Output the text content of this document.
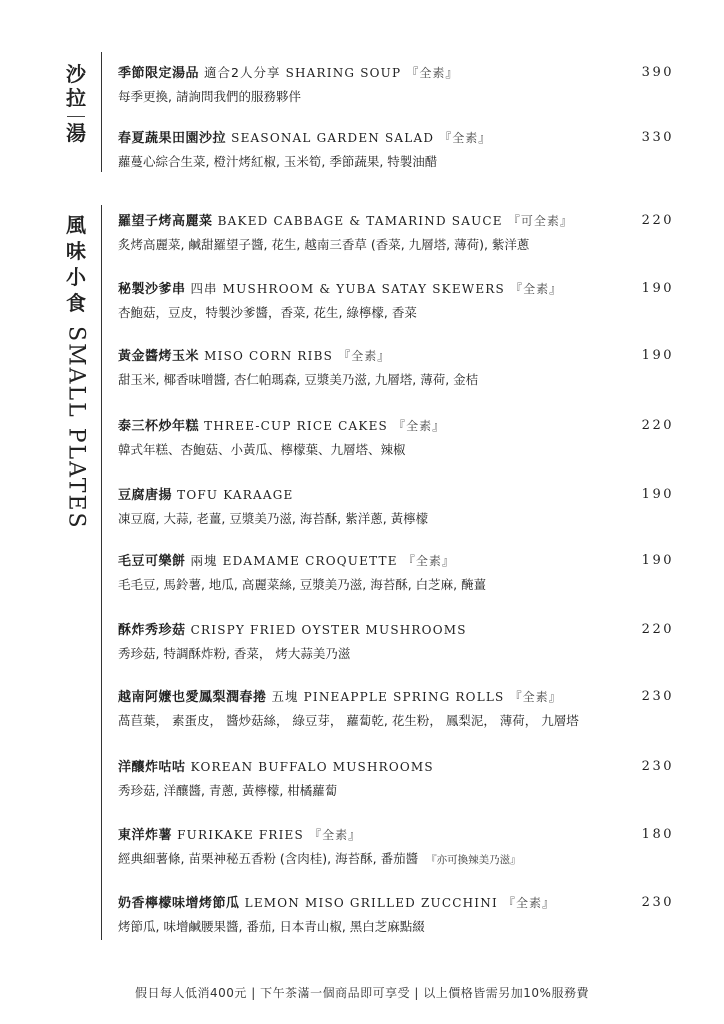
沙
拉
湯
風
味
小
食
SMALL PLATES
季節限定湯品 適合2人分享 SHARING SOUP 『全素』
每季更換, 請詢問我們的服務夥伴
390
春夏蔬果田園沙拉 SEASONAL GARDEN SALAD 『全素』
蘿蔓心綜合生菜, 橙汁烤紅椒, 玉米筍, 季節蔬果, 特製油醋
330
羅望子烤高麗菜 BAKED CABBAGE & TAMARIND SAUCE 『可全素』
炙烤高麗菜, 鹹甜羅望子醬, 花生, 越南三香草 (香菜, 九層塔, 薄荷), 紫洋蔥
220
秘製沙爹串 四串 MUSHROOM & YUBA SATAY SKEWERS 『全素』
杏鮑菇，豆皮，特製沙爹醬，香菜, 花生, 綠檸檬, 香菜
190
黃金醬烤玉米 MISO CORN RIBS 『全素』
甜玉米, 椰香味噌醬, 杏仁帕瑪森, 豆漿美乃滋, 九層塔, 薄荷, 金桔
190
泰三杯炒年糕 THREE-CUP RICE CAKES 『全素』
韓式年糕、杏鮑菇、小黃瓜、檸檬葉、九層塔、辣椒
220
豆腐唐揚 TOFU KARAAGE
凍豆腐, 大蒜, 老薑, 豆漿美乃滋, 海苔酥, 紫洋蔥, 黃檸檬
190
毛豆可樂餅 兩塊 EDAMAME CROQUETTE 『全素』
毛毛豆, 馬鈴薯, 地瓜, 高麗菜絲, 豆漿美乃滋, 海苔酥, 白芝麻, 醃薑
190
酥炸秀珍菇 CRISPY FRIED OYSTER MUSHROOMS
秀珍菇, 特調酥炸粉, 香菜， 烤大蒜美乃滋
220
越南阿嬤也愛鳳梨潤春捲 五塊 PINEAPPLE SPRING ROLLS 『全素』
萵苣葉， 素蛋皮， 醬炒菇絲， 綠豆芽， 蘿蔔乾, 花生粉， 鳳梨泥， 薄荷， 九層塔
230
洋釀炸咕咕 KOREAN BUFFALO MUSHROOMS
秀珍菇, 洋釀醬, 青蔥, 黃檸檬, 柑橘蘿蔔
230
東洋炸薯 FURIKAKE FRIES 『全素』
經典細薯條, 苗栗神秘五香粉 (含肉桂), 海苔酥, 番茄醬 『亦可換辣美乃滋』
180
奶香檸檬味增烤節瓜 LEMON MISO GRILLED ZUCCHINI 『全素』
烤節瓜, 味增鹹腰果醬, 番茄, 日本青山椒, 黑白芝麻點綴
230
假日每人低消400元 | 下午茶滿一個商品即可享受 | 以上價格皆需另加10%服務費
